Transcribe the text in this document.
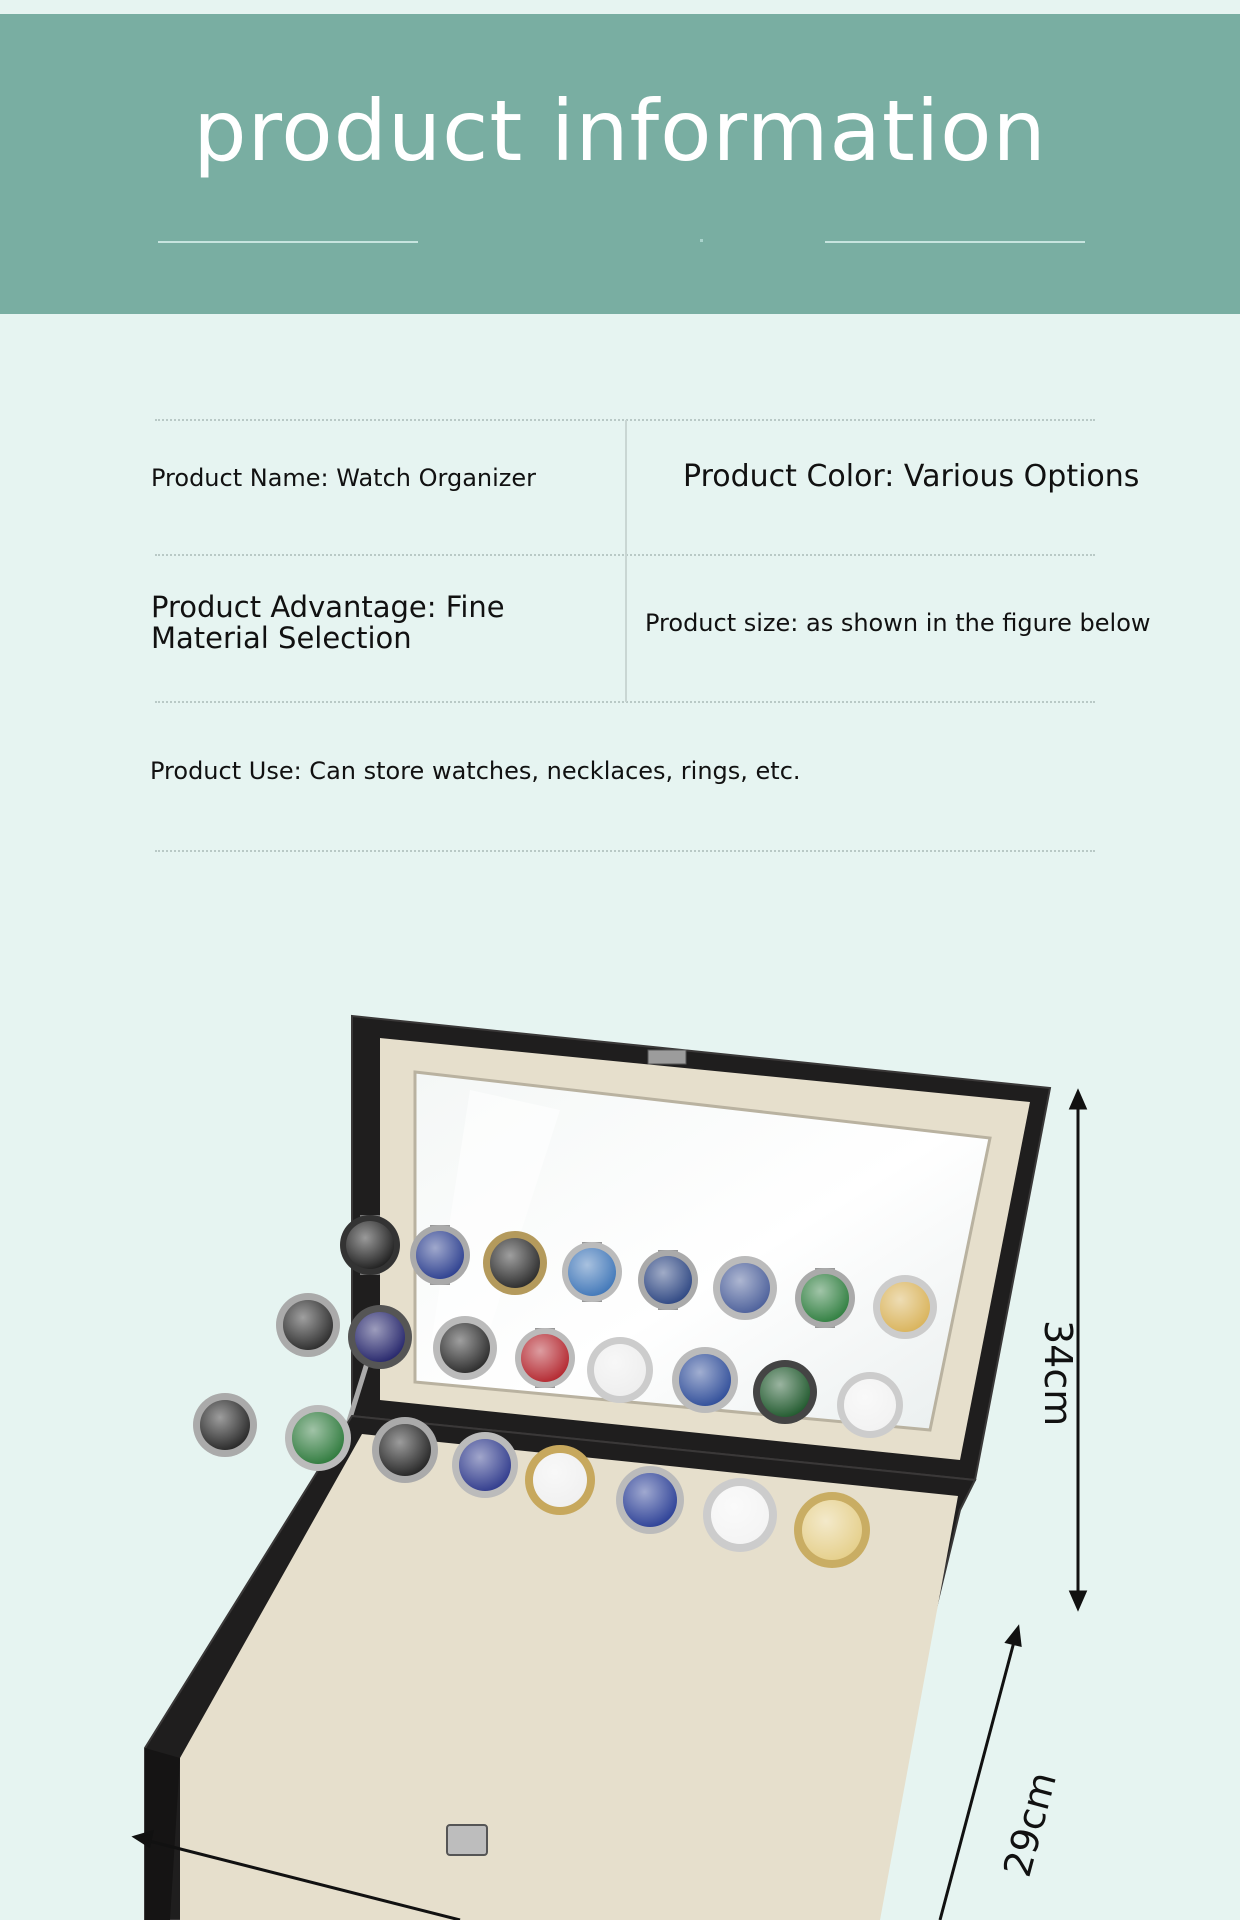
product information
Product Name: Watch Organizer	Product Color: Various Options
Product Advantage: Fine Material Selection	Product size: as shown in the figure below
Product Use: Can store watches, necklaces, rings, etc.
34cm
29cm
